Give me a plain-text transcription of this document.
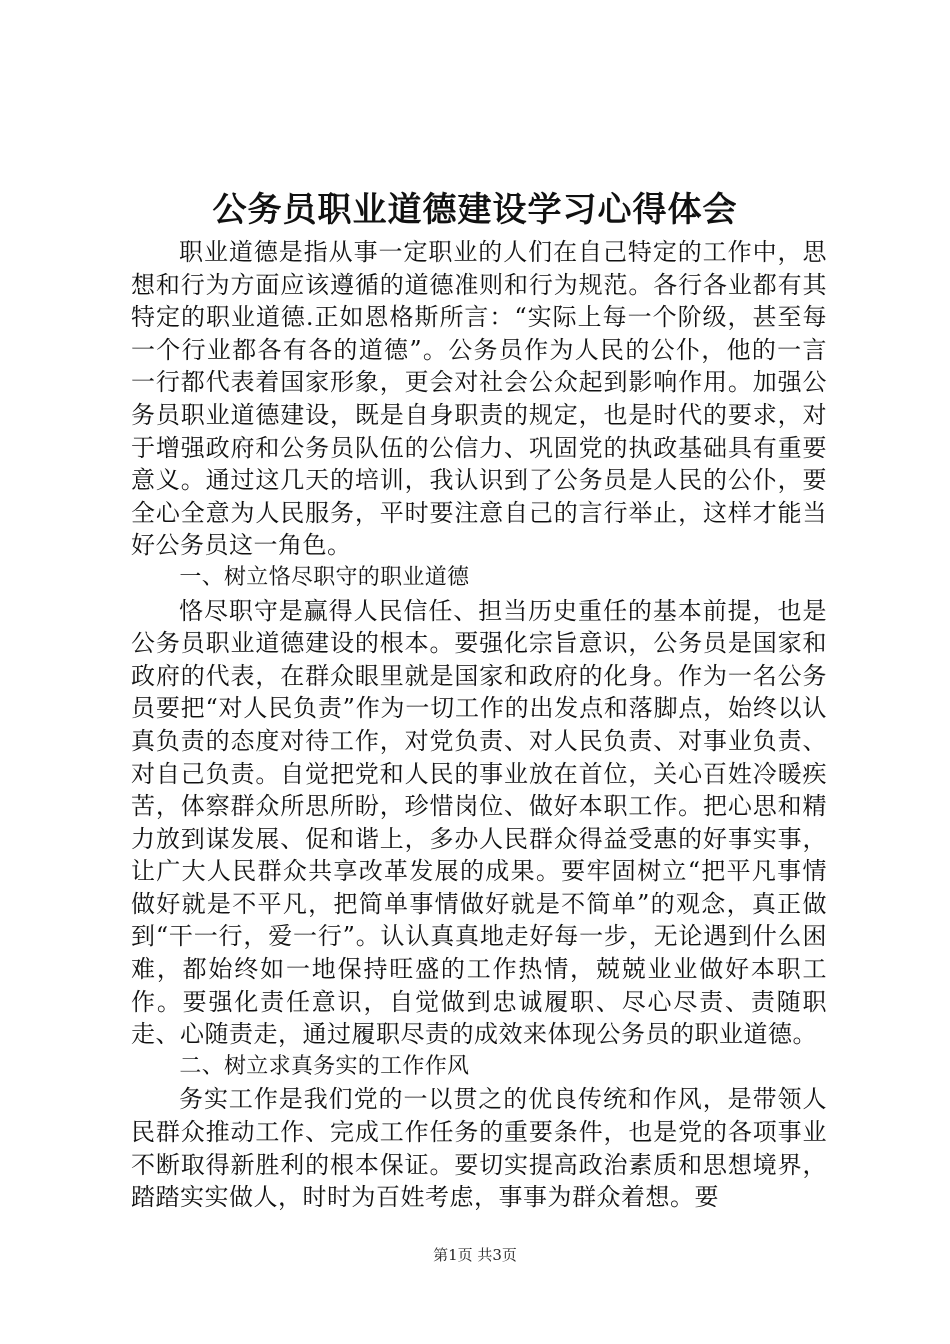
公务员职业道德建设学习心得体会

职业道德是指从事一定职业的人们在自己特定的工作中，思想和行为方面应该遵循的道德准则和行为规范。各行各业都有其特定的职业道德.正如恩格斯所言：“实际上每一个阶级，甚至每一个行业都各有各的道德”。公务员作为人民的公仆，他的一言一行都代表着国家形象，更会对社会公众起到影响作用。加强公务员职业道德建设，既是自身职责的规定，也是时代的要求，对于增强政府和公务员队伍的公信力、巩固党的执政基础具有重要意义。通过这几天的培训，我认识到了公务员是人民的公仆，要全心全意为人民服务，平时要注意自己的言行举止，这样才能当好公务员这一角色。

一、树立恪尽职守的职业道德

恪尽职守是赢得人民信任、担当历史重任的基本前提，也是公务员职业道德建设的根本。要强化宗旨意识，公务员是国家和政府的代表，在群众眼里就是国家和政府的化身。作为一名公务员要把“对人民负责”作为一切工作的出发点和落脚点，始终以认真负责的态度对待工作，对党负责、对人民负责、对事业负责、对自己负责。自觉把党和人民的事业放在首位，关心百姓冷暖疾苦，体察群众所思所盼，珍惜岗位、做好本职工作。把心思和精力放到谋发展、促和谐上，多办人民群众得益受惠的好事实事，让广大人民群众共享改革发展的成果。要牢固树立“把平凡事情做好就是不平凡，把简单事情做好就是不简单”的观念，真正做到“干一行，爱一行”。认认真真地走好每一步，无论遇到什么困难，都始终如一地保持旺盛的工作热情，兢兢业业做好本职工作。要强化责任意识，自觉做到忠诚履职、尽心尽责、责随职走、心随责走，通过履职尽责的成效来体现公务员的职业道德。

二、树立求真务实的工作作风

务实工作是我们党的一以贯之的优良传统和作风，是带领人民群众推动工作、完成工作任务的重要条件，也是党的各项事业不断取得新胜利的根本保证。要切实提高政治素质和思想境界，踏踏实实做人，时时为百姓考虑，事事为群众着想。要

第1页 共3页
